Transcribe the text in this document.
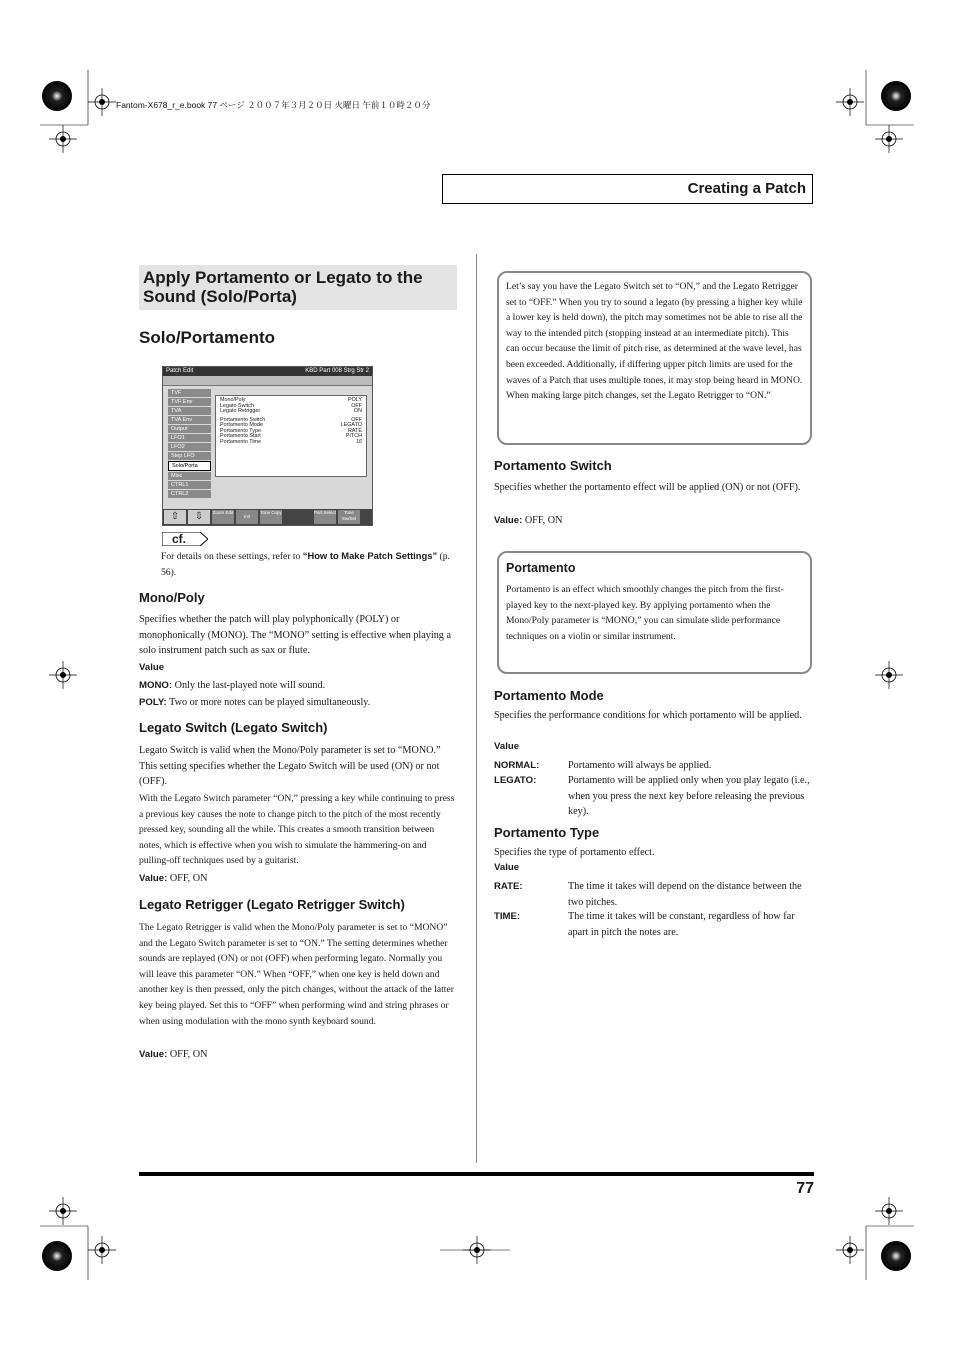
Fantom-X678_r_e.book 77 ページ ２００７年３月２０日 火曜日 午前１０時２０分
Creating a Patch
Apply Portamento or Legato to the
Sound (Solo/Porta)
Solo/Portamento
Patch Edit	KBD Part 008 Strg Str 2
TVF
TVF Env
TVA
TVA Env
Output
LFO1
LFO2
Step LFO
Solo/Porta
Misc
CTRL1
CTRL2
Mono/Poly	POLY
Legato Switch	OFF
Legato Retrigger	ON
Portamento Switch	OFF
Portamento Mode	LEGATO
Portamento Type	RATE
Portamento Start	PITCH
Portamento Time	16
⇧	⇩	Zoom Edit
Init
Tone Copy	Part Select	Tone Sw/Sel
cf.

For details on these settings, refer to “How to Make Patch Settings” (p. 56).

Mono/Poly

Specifies whether the patch will play polyphonically (POLY) or monophonically (MONO). The “MONO” setting is effective when playing a solo instrument patch such as sax or flute.

Value

MONO: Only the last-played note will sound.

POLY: Two or more notes can be played simultaneously.

Legato Switch (Legato Switch)

Legato Switch is valid when the Mono/Poly parameter is set to “MONO.” This setting specifies whether the Legato Switch will be used (ON) or not (OFF).

With the Legato Switch parameter “ON,” pressing a key while continuing to press a previous key causes the note to change pitch to the pitch of the most recently pressed key, sounding all the while. This creates a smooth transition between notes, which is effective when you wish to simulate the hammering-on and pulling-off techniques used by a guitarist.

Value: OFF, ON

Legato Retrigger (Legato Retrigger Switch)

The Legato Retrigger is valid when the Mono/Poly parameter is set to “MONO” and the Legato Switch parameter is set to “ON.” The setting determines whether sounds are replayed (ON) or not (OFF) when performing legato. Normally you will leave this parameter “ON.” When “OFF,” when one key is held down and another key is then pressed, only the pitch changes, without the attack of the latter key being played. Set this to “OFF” when performing wind and string phrases or when using modulation with the mono synth keyboard sound.

Value: OFF, ON

Let’s say you have the Legato Switch set to “ON,” and the Legato Retrigger set to “OFF.” When you try to sound a legato (by pressing a higher key while a lower key is held down), the pitch may sometimes not be able to rise all the way to the intended pitch (stopping instead at an intermediate pitch). This can occur because the limit of pitch rise, as determined at the wave level, has been exceeded. Additionally, if differing upper pitch limits are used for the waves of a Patch that uses multiple tones, it may stop being heard in MONO. When making large pitch changes, set the Legato Retrigger to “ON.”

Portamento Switch

Specifies whether the portamento effect will be applied (ON) or not (OFF).

Value: OFF, ON

Portamento

Portamento is an effect which smoothly changes the pitch from the first-played key to the next-played key. By applying portamento when the Mono/Poly parameter is “MONO,” you can simulate slide performance techniques on a violin or similar instrument.

Portamento Mode

Specifies the performance conditions for which portamento will be applied.

Value
NORMAL:	Portamento will always be applied.
LEGATO:	Portamento will be applied only when you play legato (i.e., when you press the next key before releasing the previous key).
Portamento Type

Specifies the type of portamento effect.

Value
RATE:	The time it takes will depend on the distance between the two pitches.
TIME:	The time it takes will be constant, regardless of how far apart in pitch the notes are.
77
